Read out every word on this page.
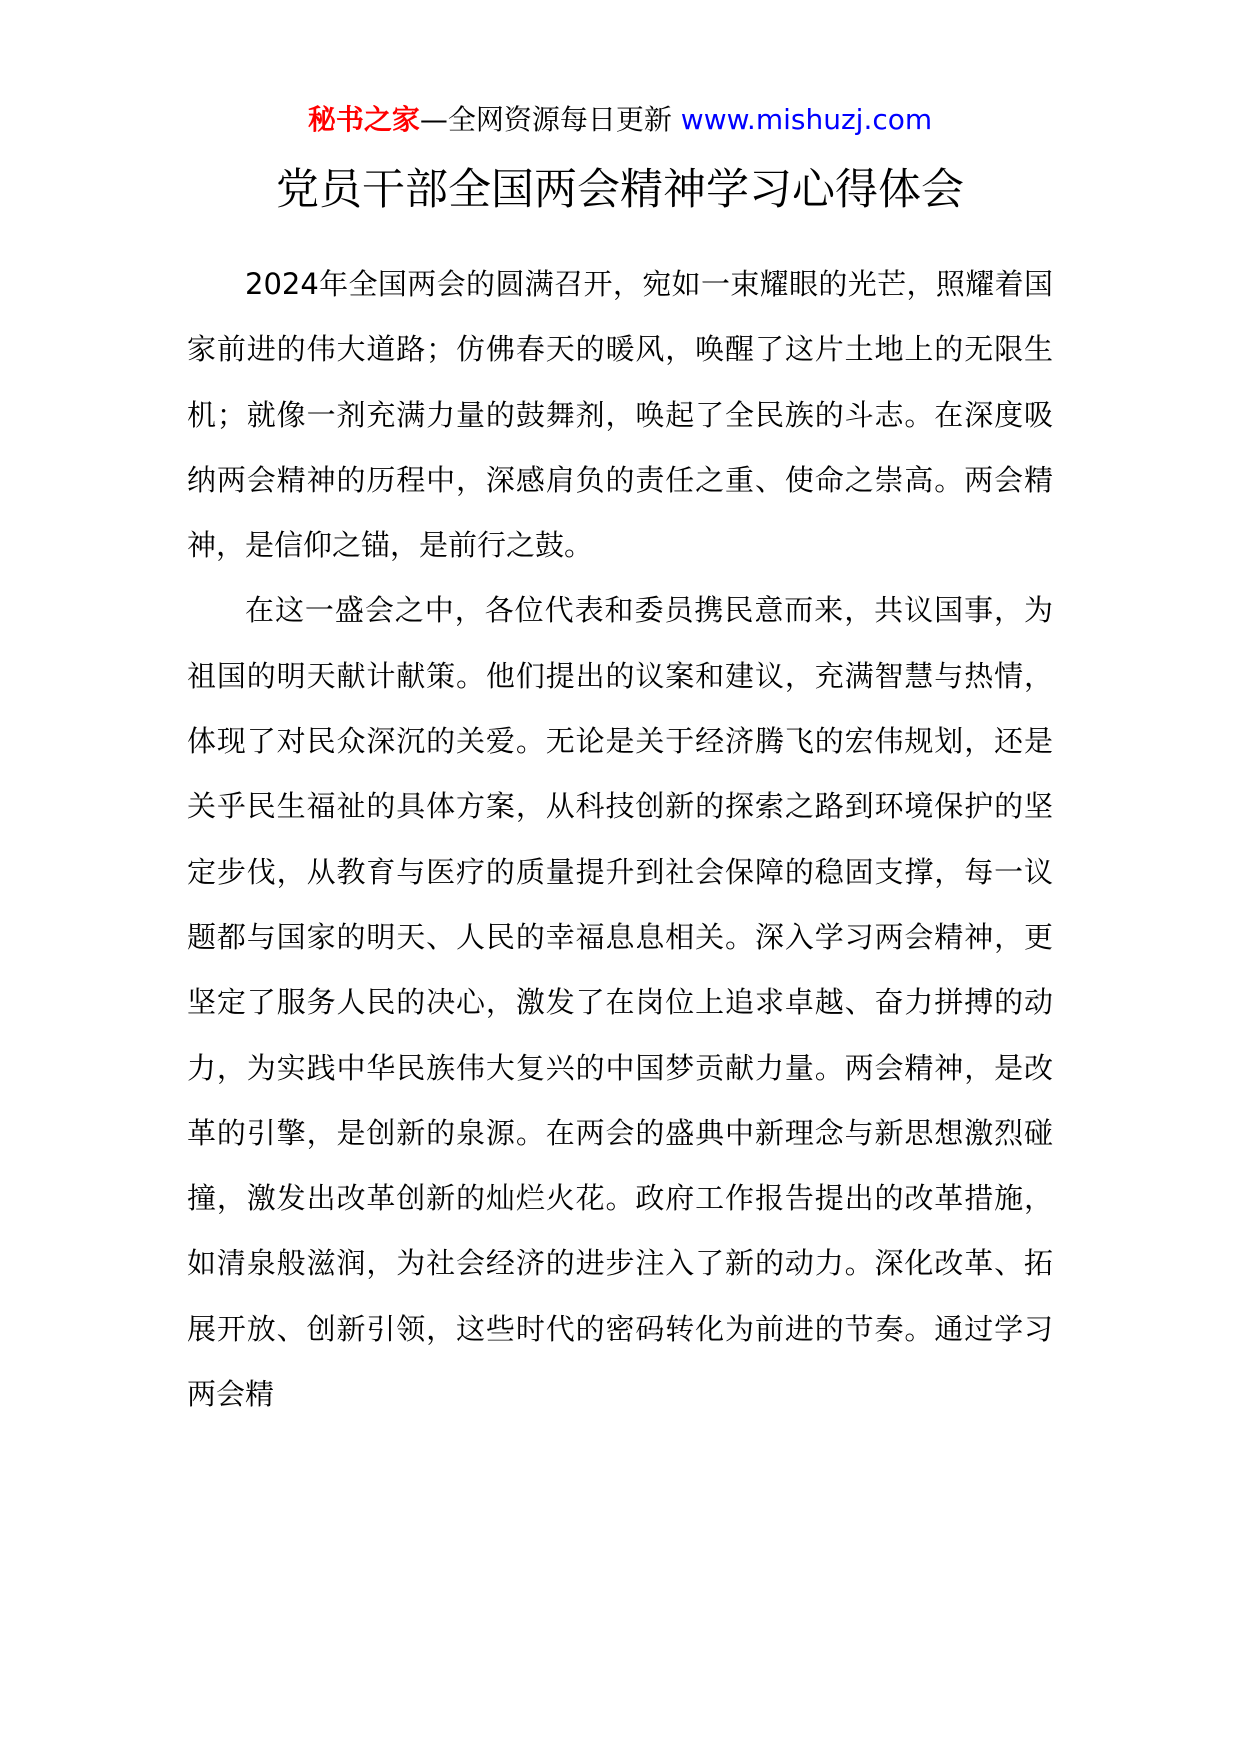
秘书之家—全网资源每日更新 www.mishuzj.com
党员干部全国两会精神学习心得体会

2024年全国两会的圆满召开，宛如一束耀眼的光芒，照耀着国家前进的伟大道路；仿佛春天的暖风，唤醒了这片土地上的无限生机；就像一剂充满力量的鼓舞剂，唤起了全民族的斗志。在深度吸纳两会精神的历程中，深感肩负的责任之重、使命之崇高。两会精神，是信仰之锚，是前行之鼓。

在这一盛会之中，各位代表和委员携民意而来，共议国事，为祖国的明天献计献策。他们提出的议案和建议，充满智慧与热情，体现了对民众深沉的关爱。无论是关于经济腾飞的宏伟规划，还是关乎民生福祉的具体方案，从科技创新的探索之路到环境保护的坚定步伐，从教育与医疗的质量提升到社会保障的稳固支撑，每一议题都与国家的明天、人民的幸福息息相关。深入学习两会精神，更坚定了服务人民的决心，激发了在岗位上追求卓越、奋力拼搏的动力，为实践中华民族伟大复兴的中国梦贡献力量。两会精神，是改革的引擎，是创新的泉源。在两会的盛典中新理念与新思想激烈碰撞，激发出改革创新的灿烂火花。政府工作报告提出的改革措施，如清泉般滋润，为社会经济的进步注入了新的动力。深化改革、拓展开放、创新引领，这些时代的密码转化为前进的节奏。通过学习两会精
